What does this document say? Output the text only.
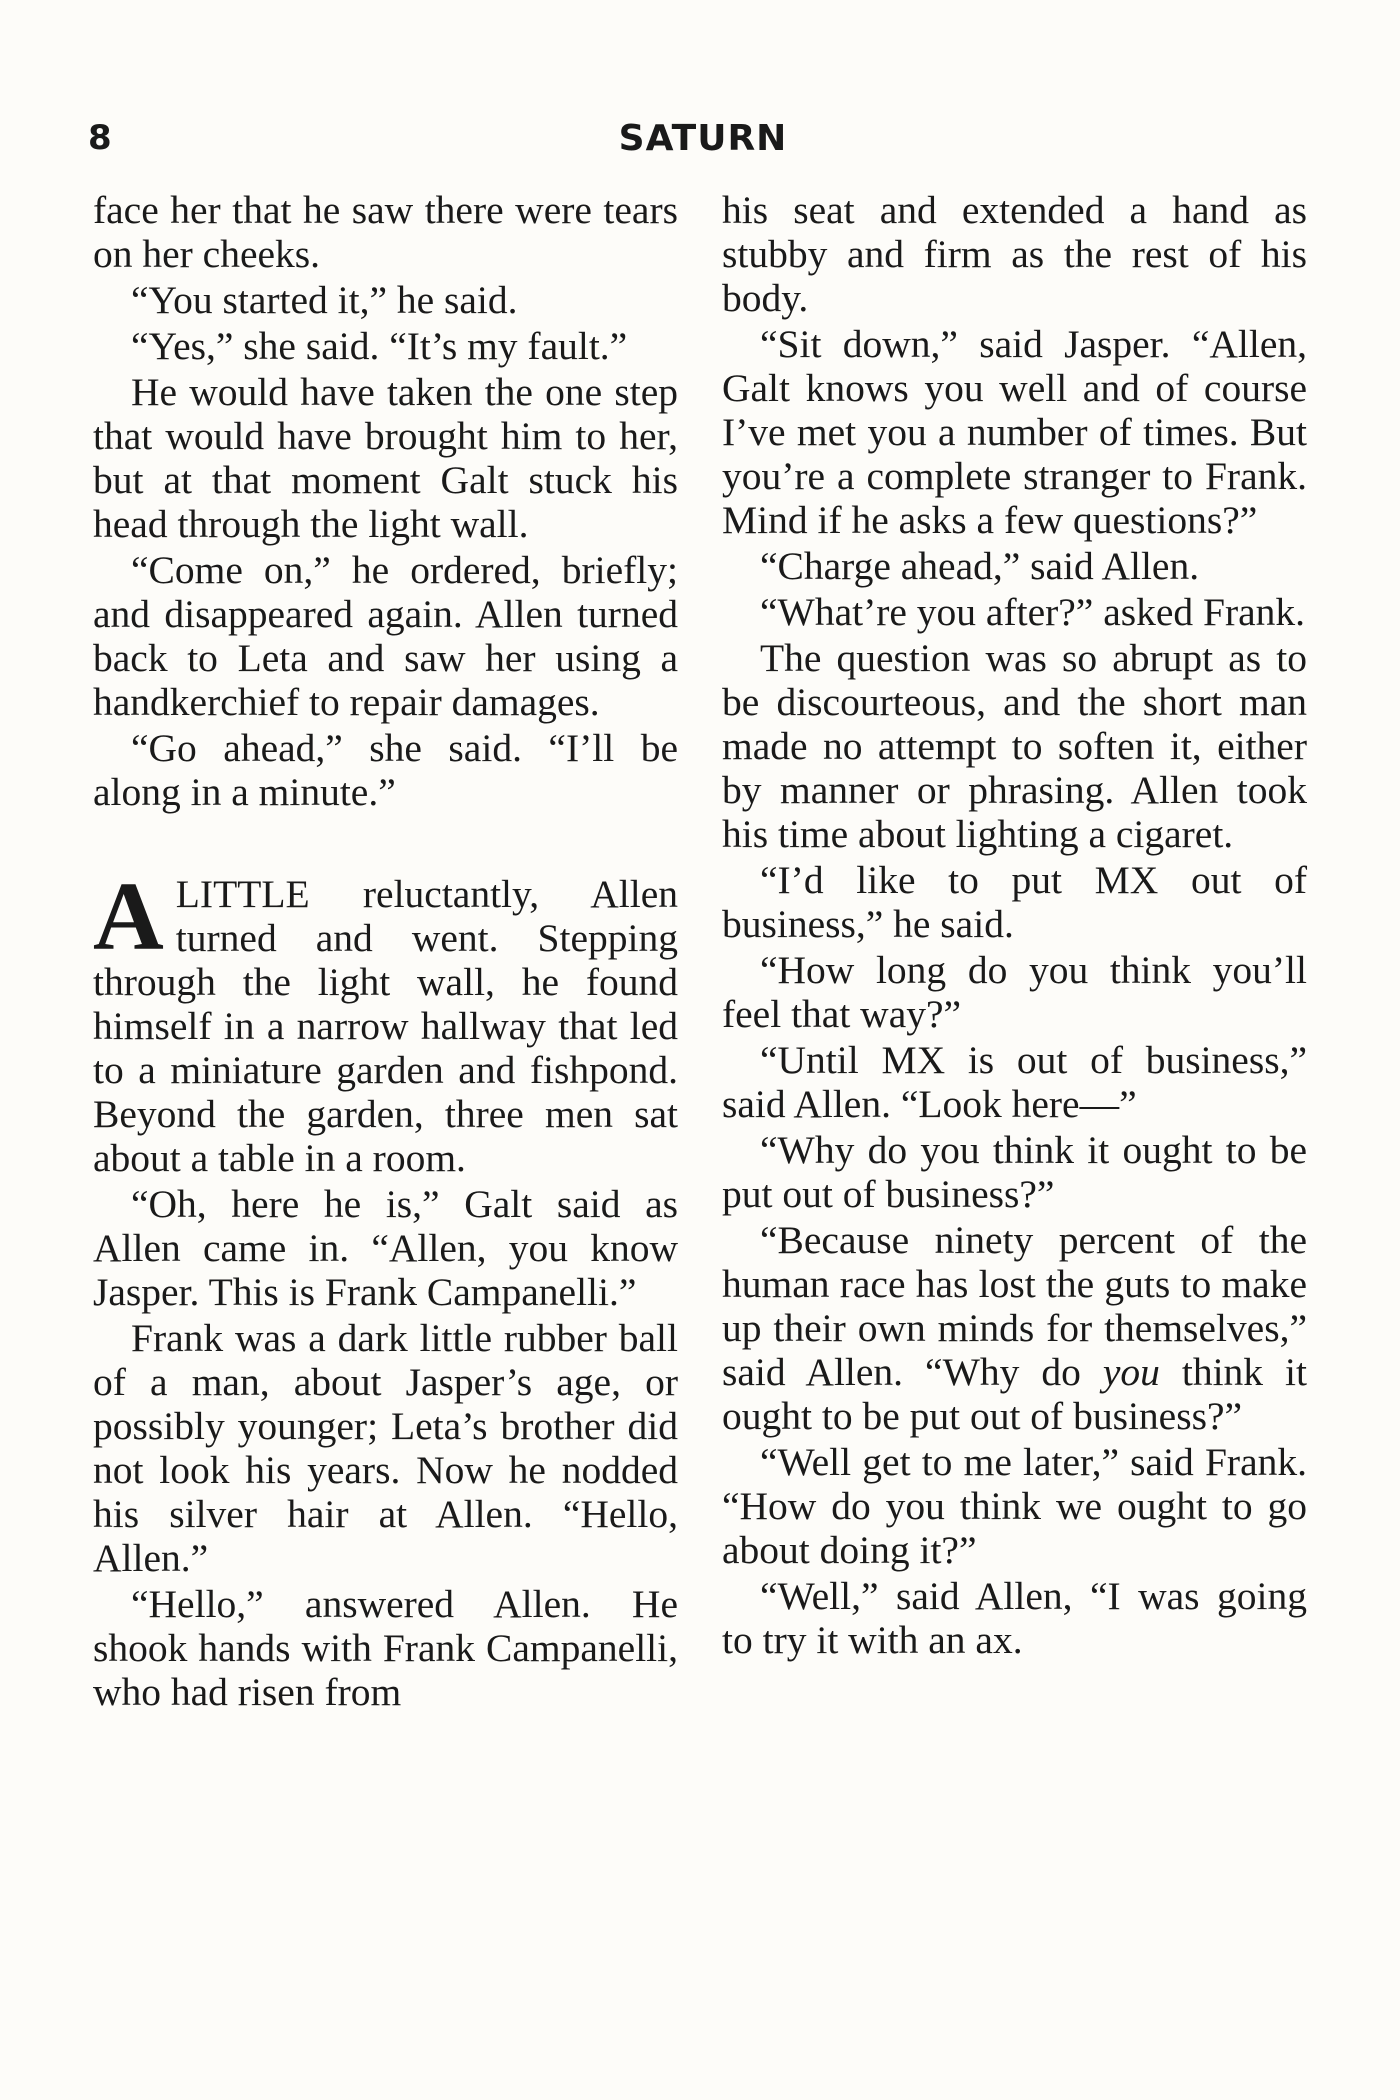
8	SATURN

face her that he saw there were tears on her cheeks.

“You started it,” he said.

“Yes,” she said. “It’s my fault.”

He would have taken the one step that would have brought him to her, but at that moment Galt stuck his head through the light wall.

“Come on,” he ordered, briefly; and disappeared again. Allen turned back to Leta and saw her using a handkerchief to repair damages.

“Go ahead,” she said. “I’ll be along in a minute.”

ALITTLE reluctantly, Allen turned and went. Stepping through the light wall, he found himself in a narrow hallway that led to a miniature garden and fishpond. Beyond the garden, three men sat about a table in a room.

“Oh, here he is,” Galt said as Allen came in. “Allen, you know Jasper. This is Frank Campanelli.”

Frank was a dark little rubber ball of a man, about Jasper’s age, or possibly younger; Leta’s brother did not look his years. Now he nodded his silver hair at Allen. “Hello, Allen.”

“Hello,” answered Allen. He shook hands with Frank Campanelli, who had risen from

his seat and extended a hand as stubby and firm as the rest of his body.

“Sit down,” said Jasper. “Allen, Galt knows you well and of course I’ve met you a number of times. But you’re a complete stranger to Frank. Mind if he asks a few questions?”

“Charge ahead,” said Allen.

“What’re you after?” asked Frank.

The question was so abrupt as to be discourteous, and the short man made no attempt to soften it, either by manner or phrasing. Allen took his time about lighting a cigaret.

“I’d like to put MX out of business,” he said.

“How long do you think you’ll feel that way?”

“Until MX is out of business,” said Allen. “Look here—”

“Why do you think it ought to be put out of business?”

“Because ninety percent of the human race has lost the guts to make up their own minds for themselves,” said Allen. “Why do you think it ought to be put out of business?”

“Well get to me later,” said Frank. “How do you think we ought to go about doing it?”

“Well,” said Allen, “I was going to try it with an ax.
